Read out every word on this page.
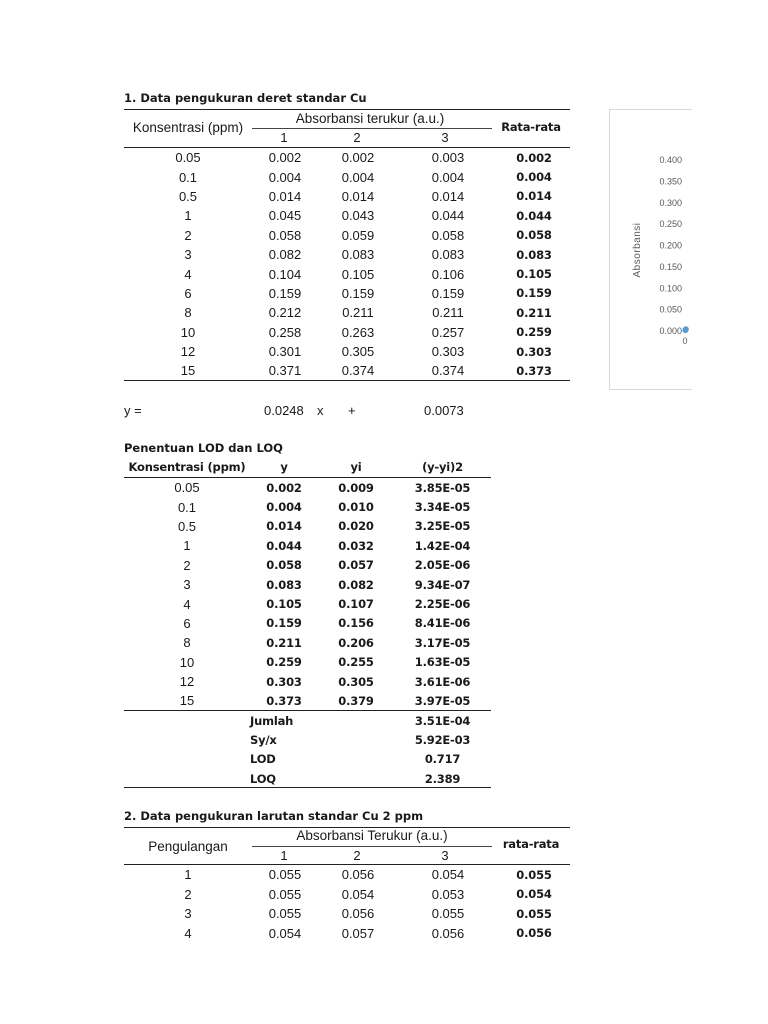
1. Data pengukuran deret standar Cu
Konsentrasi (ppm)
Absorbansi terukur (a.u.)
1	2	3
Rata-rata
0.05	0.002	0.002	0.003	0.002
0.1	0.004	0.004	0.004	0.004
0.5	0.014	0.014	0.014	0.014
1	0.045	0.043	0.044	0.044
2	0.058	0.059	0.058	0.058
3	0.082	0.083	0.083	0.083
4	0.104	0.105	0.106	0.105
6	0.159	0.159	0.159	0.159
8	0.212	0.211	0.211	0.211
10	0.258	0.263	0.257	0.259
12	0.301	0.305	0.303	0.303
15	0.371	0.374	0.374	0.373
y =	0.0248 x +	0.0073
Absorbansi
0.400
0.350
0.300
0.250
0.200
0.150
0.100
0.050
0.000
0
Penentuan LOD dan LOQ
Konsentrasi (ppm)	y	yi	(y-yi)2
0.05	0.002	0.009	3.85E-05
0.1	0.004	0.010	3.34E-05
0.5	0.014	0.020	3.25E-05
1	0.044	0.032	1.42E-04
2	0.058	0.057	2.05E-06
3	0.083	0.082	9.34E-07
4	0.105	0.107	2.25E-06
6	0.159	0.156	8.41E-06
8	0.211	0.206	3.17E-05
10	0.259	0.255	1.63E-05
12	0.303	0.305	3.61E-06
15	0.373	0.379	3.97E-05
	Jumlah	3.51E-04
	Sy/x	5.92E-03
	LOD	0.717
	LOQ	2.389
2. Data pengukuran larutan standar Cu 2 ppm
Pengulangan
Absorbansi Terukur (a.u.)
1	2	3
rata-rata
1	0.055	0.056	0.054	0.055
2	0.055	0.054	0.053	0.054
3	0.055	0.056	0.055	0.055
4	0.054	0.057	0.056	0.056
